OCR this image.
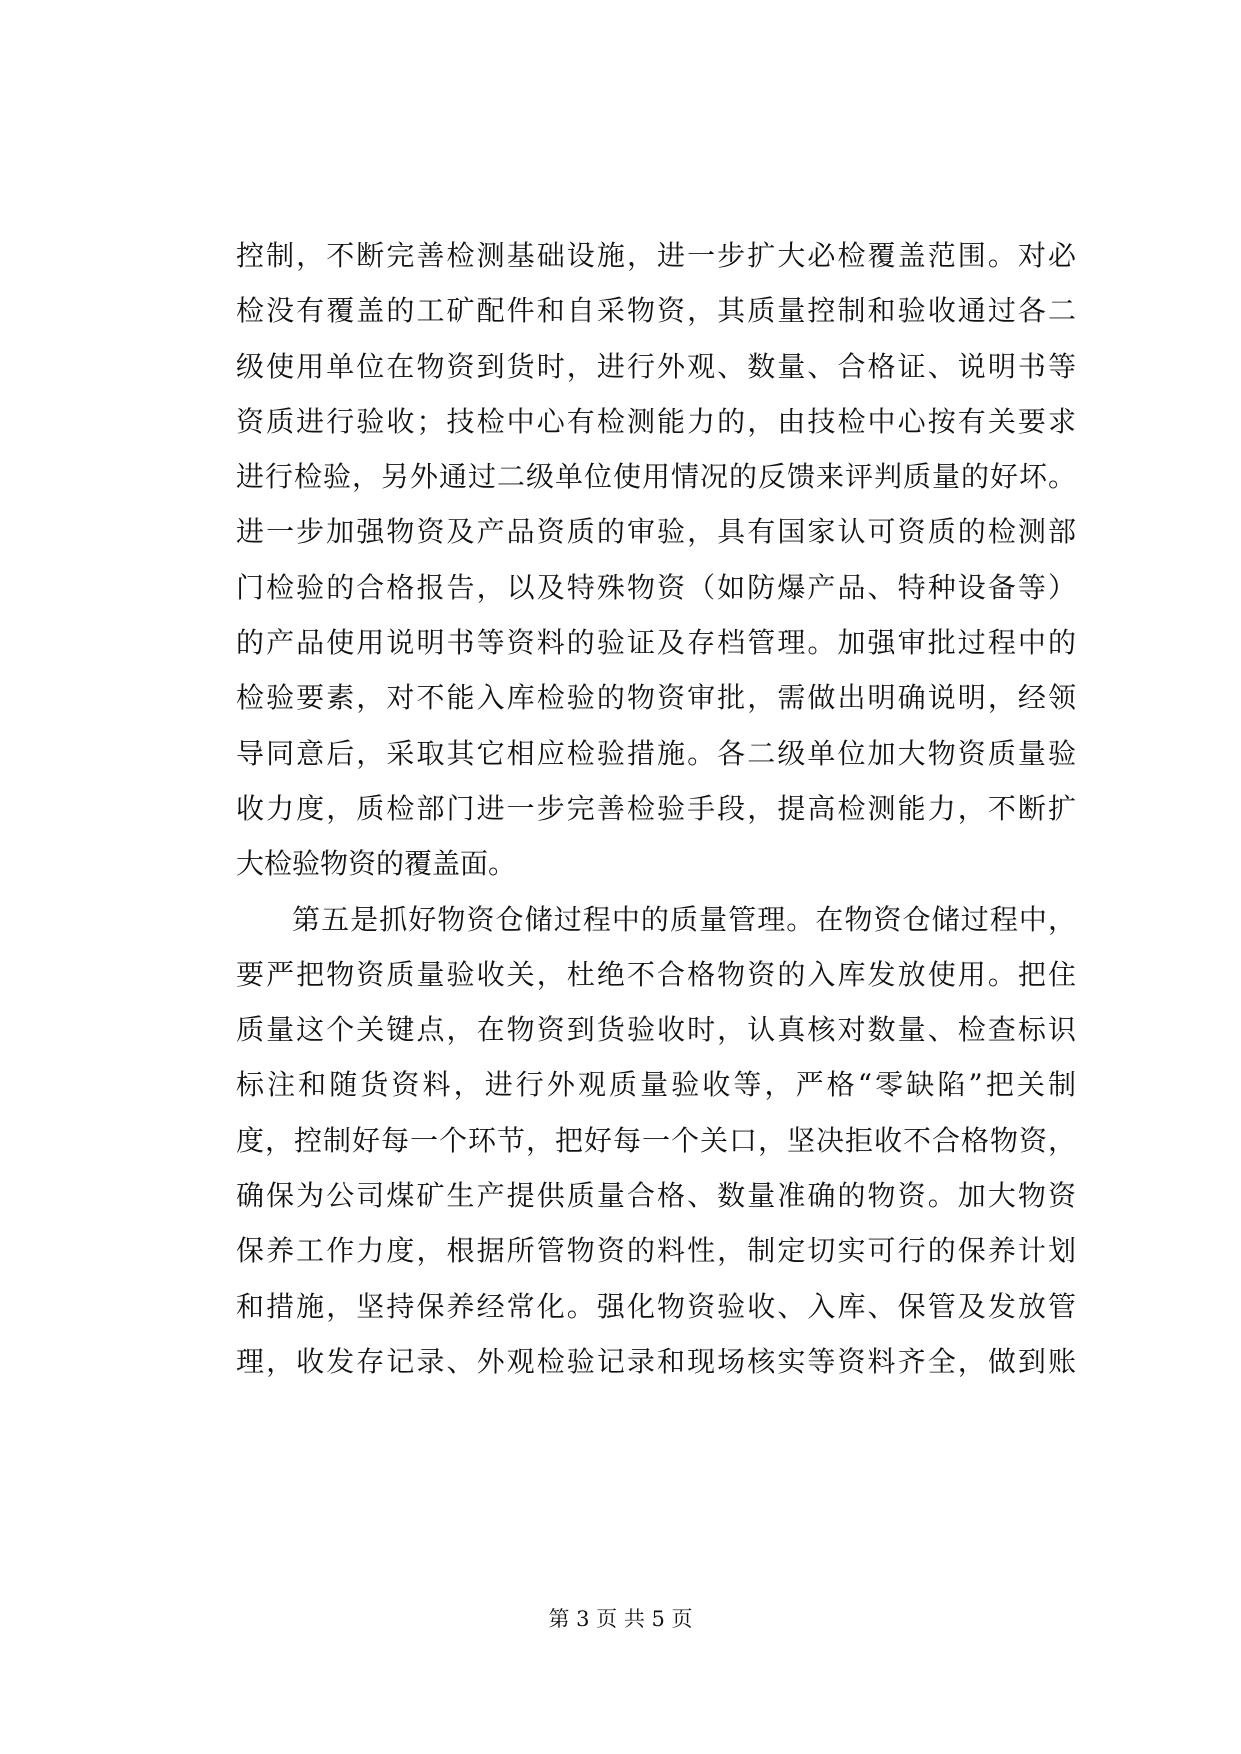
控制，不断完善检测基础设施，进一步扩大必检覆盖范围。对必
检没有覆盖的工矿配件和自采物资，其质量控制和验收通过各二
级使用单位在物资到货时，进行外观、数量、合格证、说明书等
资质进行验收；技检中心有检测能力的，由技检中心按有关要求
进行检验，另外通过二级单位使用情况的反馈来评判质量的好坏。
进一步加强物资及产品资质的审验，具有国家认可资质的检测部
门检验的合格报告，以及特殊物资（如防爆产品、特种设备等）
的产品使用说明书等资料的验证及存档管理。加强审批过程中的
检验要素，对不能入库检验的物资审批，需做出明确说明，经领
导同意后，采取其它相应检验措施。各二级单位加大物资质量验
收力度，质检部门进一步完善检验手段，提高检测能力，不断扩
大检验物资的覆盖面。
第五是抓好物资仓储过程中的质量管理。在物资仓储过程中，
要严把物资质量验收关，杜绝不合格物资的入库发放使用。把住
质量这个关键点，在物资到货验收时，认真核对数量、检查标识
标注和随货资料，进行外观质量验收等，严格“零缺陷”把关制
度，控制好每一个环节，把好每一个关口，坚决拒收不合格物资，
确保为公司煤矿生产提供质量合格、数量准确的物资。加大物资
保养工作力度，根据所管物资的料性，制定切实可行的保养计划
和措施，坚持保养经常化。强化物资验收、入库、保管及发放管
理，收发存记录、外观检验记录和现场核实等资料齐全，做到账
第 3 页 共 5 页
